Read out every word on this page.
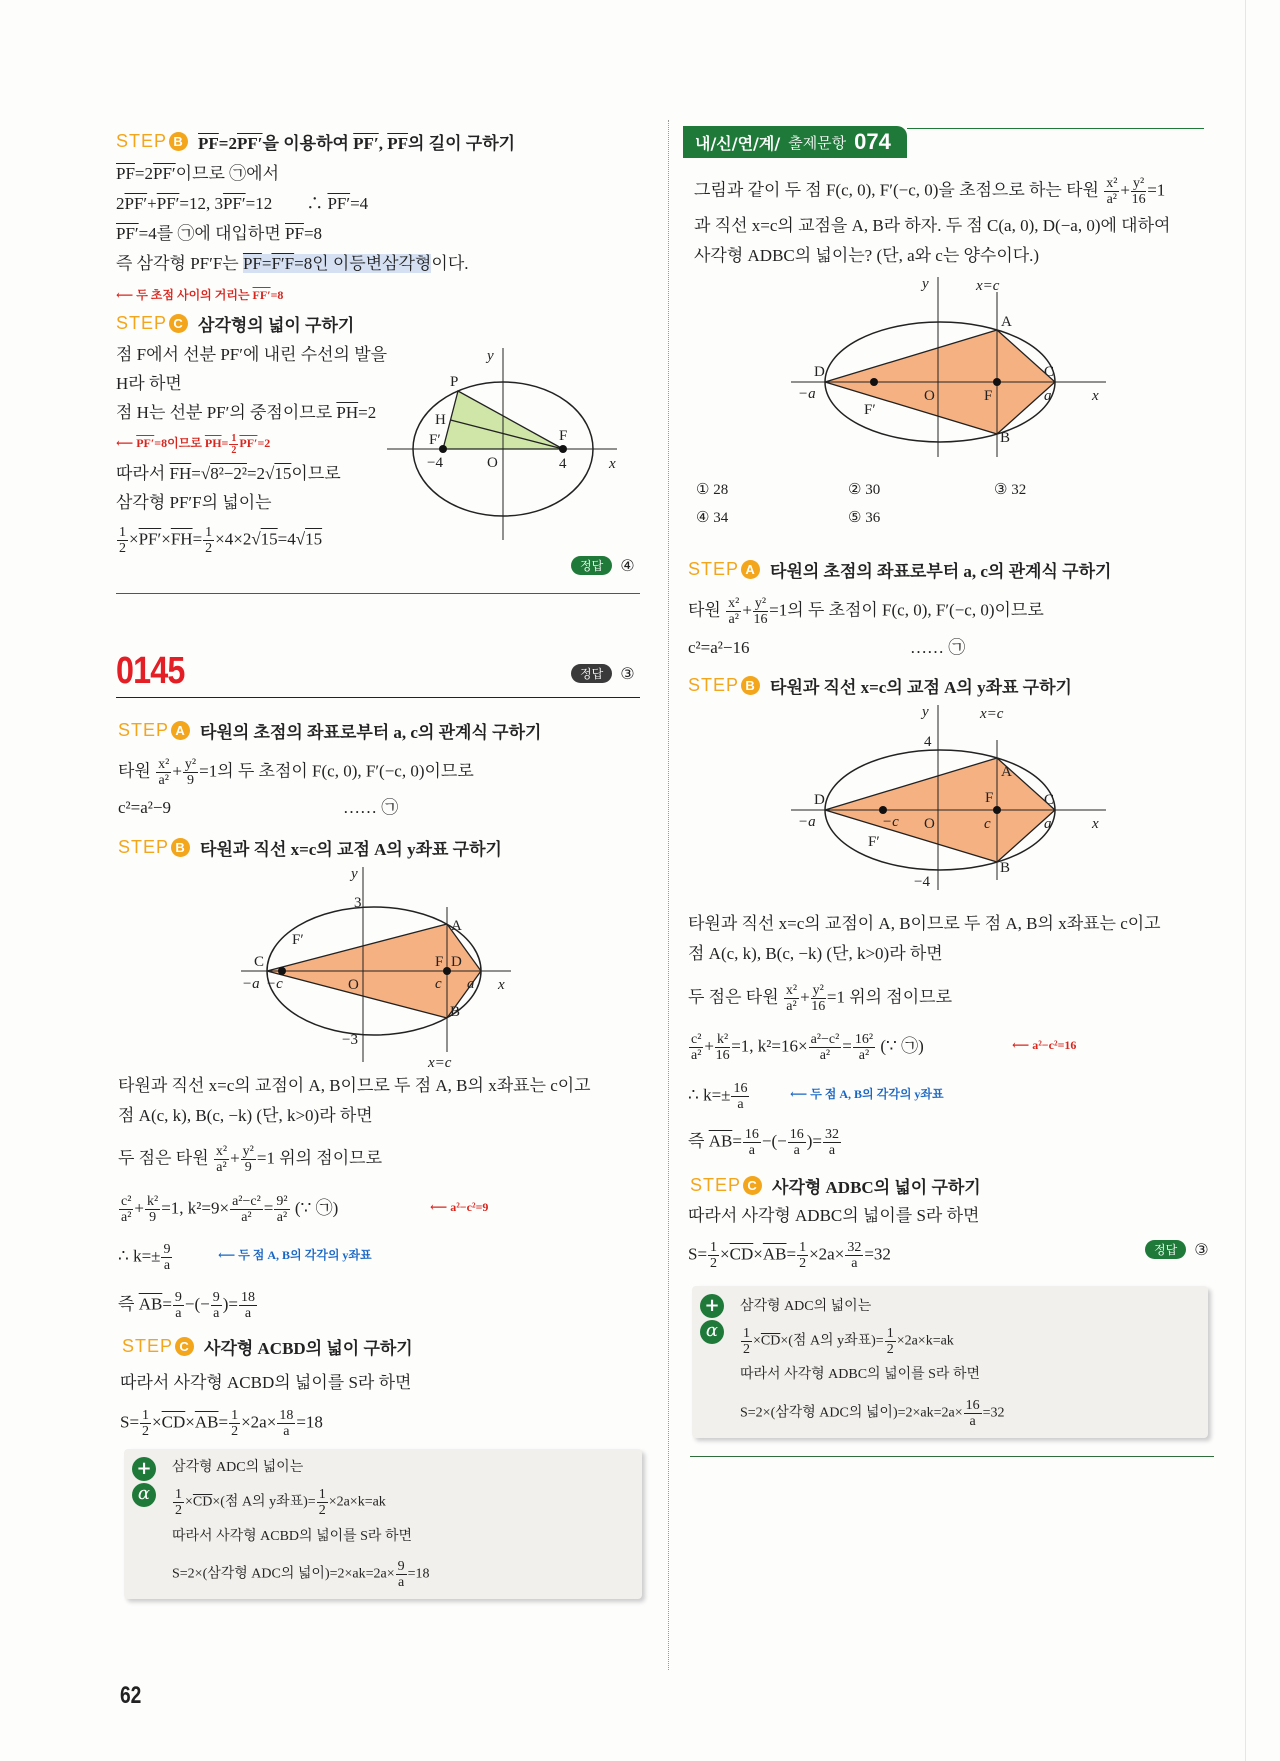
STEP B $\overline{PF}=2PF'$을 이용하여 PF′, $\overline{PF}$의 길이 구하기
$\overline{PF}=2PF'$이므로 ㉠에서
2PF′+PF′=12, 3PF′=12　　∴ PF′=4
PF′=4를 ㉠에 대입하면 $\overline{PF}=8$
즉 삼각형 PF′F는 $\overline{PF}=F'F=8$인 이등변삼각형이다.
⟵ 두 초점 사이의 거리는 FF′=8
STEP C 삼각형의 넓이 구하기
점 F에서 선분 PF′에 내린 수선의 발을
H라 하면
점 H는 선분 PF′의 중점이므로 $\overline{PH}=2$
⟵ PF′=8이므로 $\overline{PH}= \frac{1}{2} PF'=2$
따라서 $\overline{FH}=√8^2-2^2=2√15$이므로
삼각형 PF′F의 넓이는
$\frac{1}{2} \times PF'\times\overline{FH}= \frac{1}{2} \times 4\times 2√15=4√15$
y
x
P
H
F′	F
−4	O	4
정답	④
0145	정답	③
STEP A 타원의 초점의 좌표로부터 a, c의 관계식 구하기
타원 $\frac{\text{x²}}{\text{a²}} + \frac{\text{y²}}{9} =1$의 두 초점이 F(c, 0), F′(−c, 0)이므로
c²=a²−9	…… ㉠
STEP B 타원과 직선 x=c의 교점 A의 y좌표 구하기
y
3
C
F′
A
F D
−a −c	O	c a x
B
−3
x=c
타원과 직선 x=c의 교점이 A, B이므로 두 점 A, B의 x좌표는 c이고
점 A(c, k), B(c, −k) (단, k>0)라 하면
두 점은 타원 $\frac{\text{x²}}{\text{a²}} + \frac{\text{y²}}{9} =1$ 위의 점이므로
$\frac{\text{c²}}{\text{a²}} + \frac{\text{k²}}{9} =1$, $k^2=9\times \frac{\text{a²−c²}}{\text{a²}} = \frac{\text{9²}}{\text{a²}}$ (∵ ㉠)	⟵ a²−c²=9
∴ $k=\pm \frac{9}{a}$	⟵ 두 점 A, B의 각각의 y좌표
즉 $\overline{AB}= \frac{9}{a}$ −(− $\frac{9}{a}$ )= $\frac{18}{a}$
STEP C 사각형 ACBD의 넓이 구하기
따라서 사각형 ACBD의 넓이를 S라 하면
$S= \frac{1}{2} \times\overline{CD}\times\overline{AB}= \frac{1}{2} \times 2a\times \frac{18}{a} =18$
+
α
삼각형 ADC의 넓이는
$\frac{1}{2} \times\overline{CD}\times$(점 A의 y좌표)= $\frac{1}{2} \times 2a\times k=ak$
따라서 사각형 ACBD의 넓이를 S라 하면
S=2×(삼각형 ADC의 넓이)$=2\times ak=2a\times \frac{9}{a} =18$
62
내/신/연/계/ 출제문항 074
그림과 같이 두 점 F(c, 0), F′(−c, 0)을 초점으로 하는 타원 $\frac{\text{x²}}{\text{a²}} + \frac{\text{y²}}{16} =1$
과 직선 x=c의 교점을 A, B라 하자. 두 점 C(a, 0), D(−a, 0)에 대하여
사각형 ADBC의 넓이는? (단, a와 c는 양수이다.)
y	x=c
A
D	C
−a	O	F	a	x
F′
B
① 28	② 30	③ 32
④ 34	⑤ 36
STEP A 타원의 초점의 좌표로부터 a, c의 관계식 구하기
타원 $\frac{\text{x²}}{\text{a²}} + \frac{\text{y²}}{16} =1$의 두 초점이 F(c, 0), F′(−c, 0)이므로
c²=a²−16	…… ㉠
STEP B 타원과 직선 x=c의 교점 A의 y좌표 구하기
y	x=c
4
A
D	F	C
−a	−c O	c	a	x
F′
B
−4
타원과 직선 x=c의 교점이 A, B이므로 두 점 A, B의 x좌표는 c이고
점 A(c, k), B(c, −k) (단, k>0)라 하면
두 점은 타원 $\frac{\text{x²}}{\text{a²}} + \frac{\text{y²}}{16} =1$ 위의 점이므로
$\frac{\text{c²}}{\text{a²}} + \frac{\text{k²}}{16} =1$, $k^2=16\times \frac{\text{a²−c²}}{\text{a²}} = \frac{\text{16²}}{\text{a²}}$ (∵ ㉠)	⟵ a²−c²=16
∴ $k=\pm \frac{16}{a}$	⟵ 두 점 A, B의 각각의 y좌표
즉 $\overline{AB}= \frac{16}{a}$ −(− $\frac{16}{a}$ )= $\frac{32}{a}$
STEP C 사각형 ADBC의 넓이 구하기
따라서 사각형 ADBC의 넓이를 S라 하면
$S= \frac{1}{2} \times\overline{CD}\times\overline{AB}= \frac{1}{2} \times 2a\times \frac{32}{a} =32$	정답	③
+
α
삼각형 ADC의 넓이는
$\frac{1}{2} \times\overline{CD}\times$(점 A의 y좌표)= $\frac{1}{2} \times 2a\times k=ak$
따라서 사각형 ADBC의 넓이를 S라 하면
S=2×(삼각형 ADC의 넓이)$=2\times ak=2a\times \frac{16}{a} =32$
